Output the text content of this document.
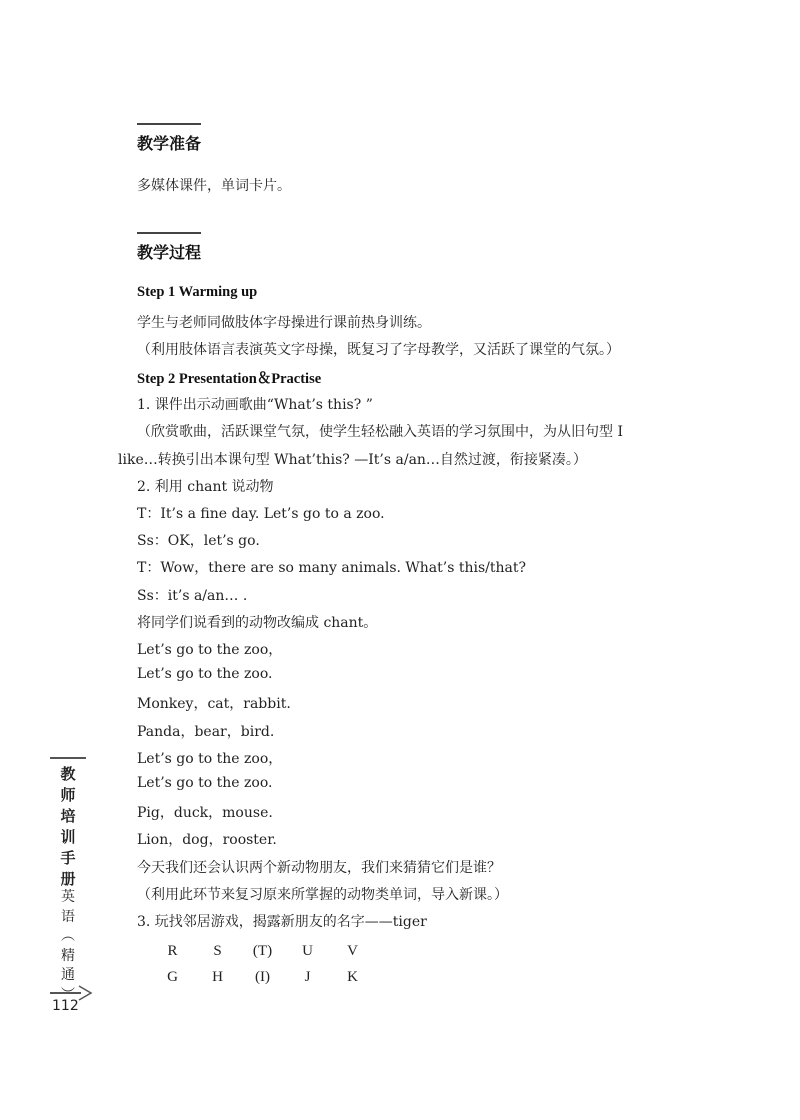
教学准备
多媒体课件，单词卡片。
教学过程
Step 1 Warming up
学生与老师同做肢体字母操进行课前热身训练。
（利用肢体语言表演英文字母操，既复习了字母教学，又活跃了课堂的气氛。）
Step 2 Presentation＆Practise
1. 课件出示动画歌曲“What’s this? ”
（欣赏歌曲，活跃课堂气氛，使学生轻松融入英语的学习氛围中，为从旧句型 I
like…转换引出本课句型 What’this? —It’s a/an…自然过渡，衔接紧凑。）
2. 利用 chant 说动物
T：It’s a fine day. Let’s go to a zoo.
Ss：OK，let’s go.
T：Wow，there are so many animals. What’s this/that?
Ss：it’s a/an… .
将同学们说看到的动物改编成 chant。
Let’s go to the zoo，
Let’s go to the zoo.
Monkey，cat，rabbit.
Panda，bear，bird.
Let’s go to the zoo，
Let’s go to the zoo.
Pig，duck，mouse.
Lion，dog，rooster.
今天我们还会认识两个新动物朋友，我们来猜猜它们是谁？
（利用此环节来复习原来所掌握的动物类单词，导入新课。）
3. 玩找邻居游戏，揭露新朋友的名字——tiger
R S (T) U V
G H (I) J K
教
师
培
训
手
册
英
语
︵
精
通
︶
112
